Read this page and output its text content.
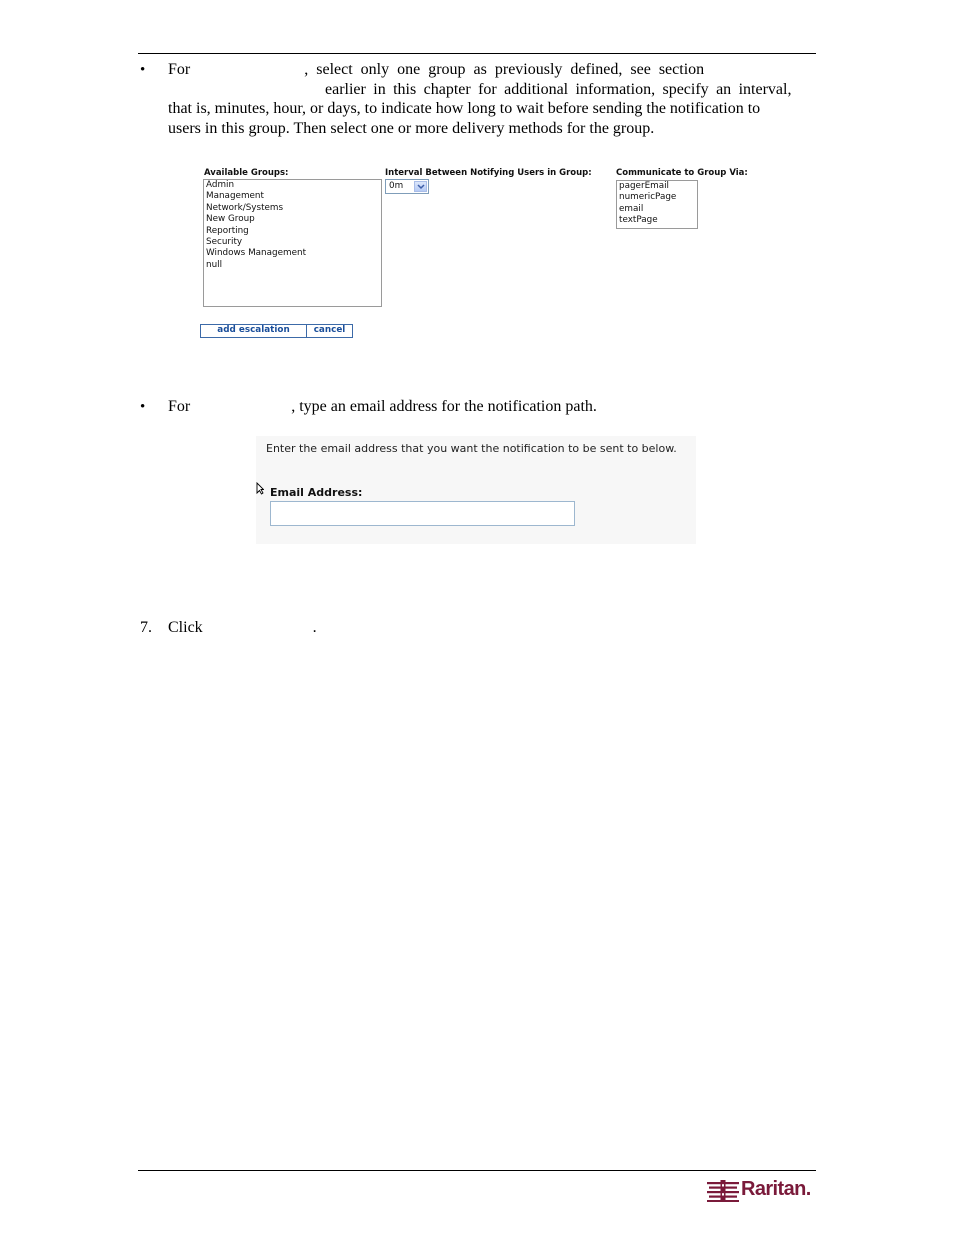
• For	, select only one group as previously defined, see section
earlier in this chapter for additional information, specify an interval,
that is, minutes, hour, or days, to indicate how long to wait before sending the notification to
users in this group. Then select one or more delivery methods for the group.
Available Groups:
Admin
Management
Network/Systems
New Group
Reporting
Security
Windows Management
null
Interval Between Notifying Users in Group:
0m
Communicate to Group Via:
pagerEmail
numericPage
email
textPage
add escalation	cancel
• For	, type an email address for the notification path.
Enter the email address that you want the notification to be sent to below.
Email Address:
7. Click	.
Raritan.
